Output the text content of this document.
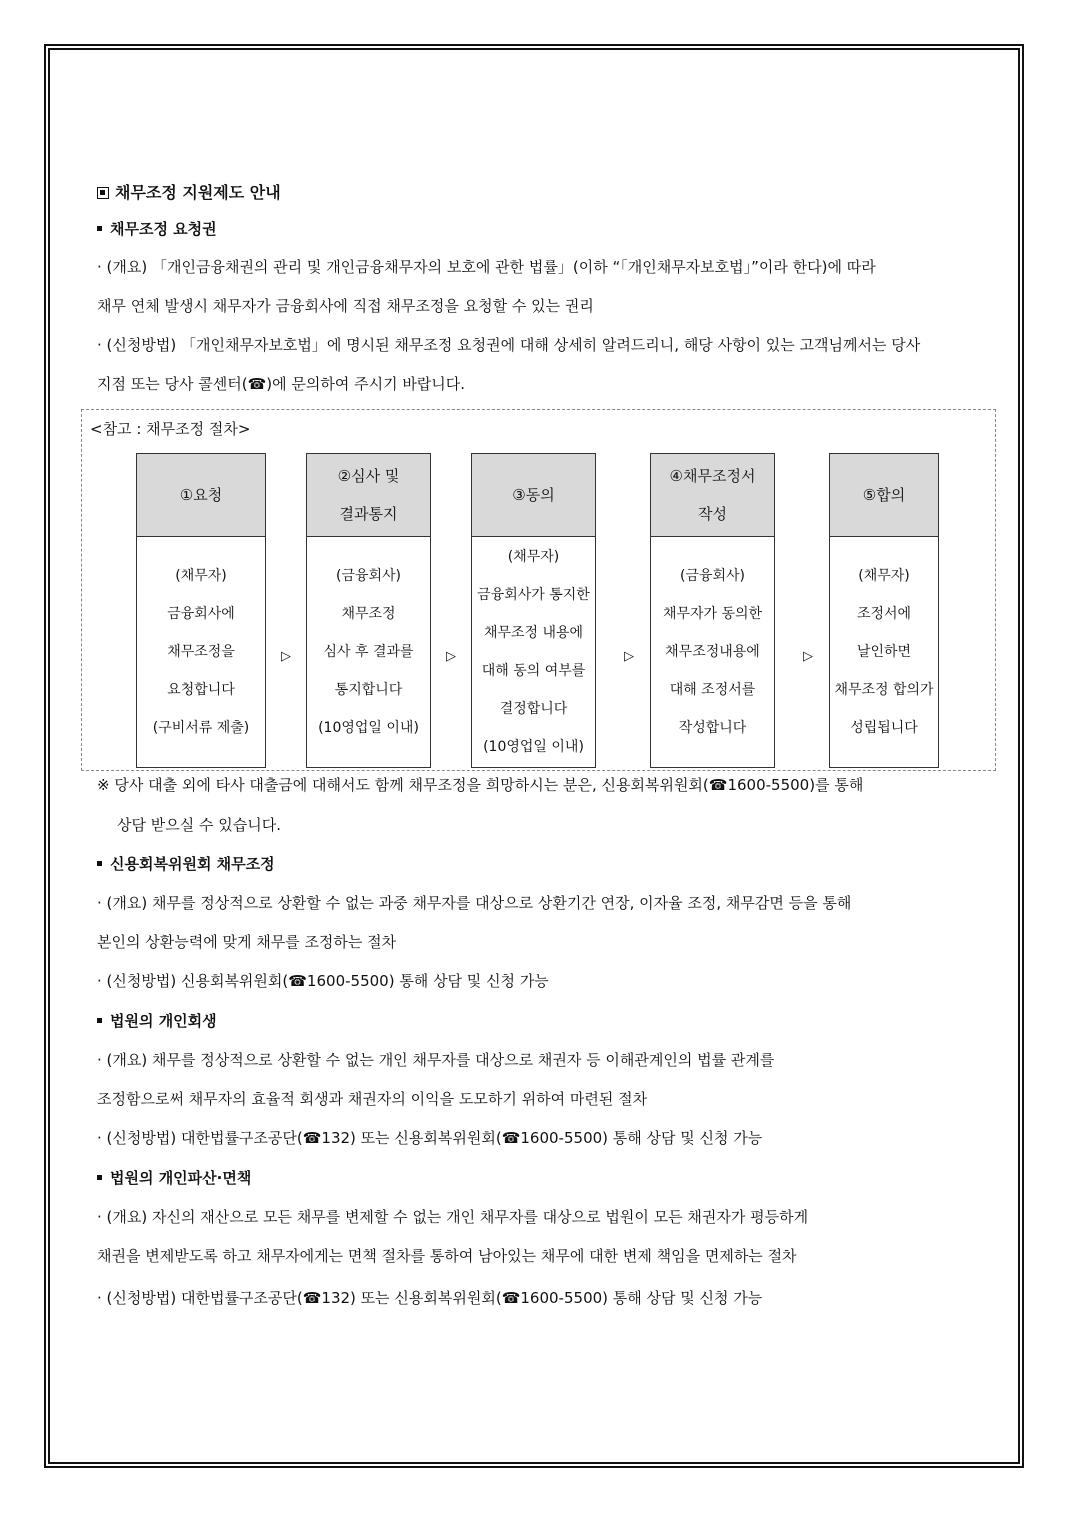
채무조정 지원제도 안내
채무조정 요청권
· (개요) 「개인금융채권의 관리 및 개인금융채무자의 보호에 관한 법률」(이하 “「개인채무자보호법」”이라 한다)에 따라
채무 연체 발생시 채무자가 금융회사에 직접 채무조정을 요청할 수 있는 권리
· (신청방법) 「개인채무자보호법」에 명시된 채무조정 요청권에 대해 상세히 알려드리니, 해당 사항이 있는 고객님께서는 당사
지점 또는 당사 콜센터(☎)에 문의하여 주시기 바랍니다.
<참고 : 채무조정 절차>
①요청
(채무자)
금융회사에
채무조정을
요청합니다
(구비서류 제출)
▷
②심사 및
결과통지
(금융회사)
채무조정
심사 후 결과를
통지합니다
(10영업일 이내)
▷
③동의
(채무자)
금융회사가 통지한
채무조정 내용에
대해 동의 여부를
결정합니다
(10영업일 이내)
▷
④채무조정서
작성
(금융회사)
채무자가 동의한
채무조정내용에
대해 조정서를
작성합니다
▷
⑤합의
(채무자)
조정서에
날인하면
채무조정 합의가
성립됩니다
※ 당사 대출 외에 타사 대출금에 대해서도 함께 채무조정을 희망하시는 분은, 신용회복위원회(☎1600-5500)를 통해
상담 받으실 수 있습니다.
신용회복위원회 채무조정
· (개요) 채무를 정상적으로 상환할 수 없는 과중 채무자를 대상으로 상환기간 연장, 이자율 조정, 채무감면 등을 통해
본인의 상환능력에 맞게 채무를 조정하는 절차
· (신청방법) 신용회복위원회(☎1600-5500) 통해 상담 및 신청 가능
법원의 개인회생
· (개요) 채무를 정상적으로 상환할 수 없는 개인 채무자를 대상으로 채권자 등 이해관계인의 법률 관계를
조정함으로써 채무자의 효율적 회생과 채권자의 이익을 도모하기 위하여 마련된 절차
· (신청방법) 대한법률구조공단(☎132) 또는 신용회복위원회(☎1600-5500) 통해 상담 및 신청 가능
법원의 개인파산·면책
· (개요) 자신의 재산으로 모든 채무를 변제할 수 없는 개인 채무자를 대상으로 법원이 모든 채권자가 평등하게
채권을 변제받도록 하고 채무자에게는 면책 절차를 통하여 남아있는 채무에 대한 변제 책임을 면제하는 절차
· (신청방법) 대한법률구조공단(☎132) 또는 신용회복위원회(☎1600-5500) 통해 상담 및 신청 가능
